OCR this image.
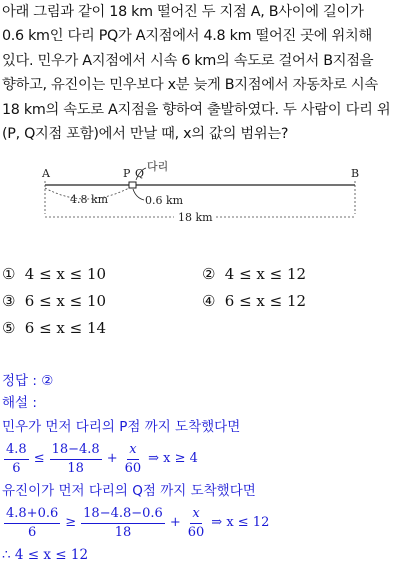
아래 그림과 같이 18 km 떨어진 두 지점 A, B사이에 길이가
0.6 km인 다리 PQ가 A지점에서 4.8 km 떨어진 곳에 위치해
있다. 민우가 A지점에서 시속 6 km의 속도로 걸어서 B지점을
향하고, 유진이는 민우보다 x분 늦게 B지점에서 자동차로 시속
18 km의 속도로 A지점을 향하여 출발하였다. 두 사람이 다리 위
(P, Q지점 포함)에서 만날 때, x의 값의 범위는?
A	P Q	B
다리
4.8 km	0.6 km
18 km
① 4 ≤ x ≤ 10	② 4 ≤ x ≤ 12
③ 6 ≤ x ≤ 10	④ 6 ≤ x ≤ 12
⑤ 6 ≤ x ≤ 14
정답 : ②
해설 :
민우가 먼저 다리의 P점 까지 도착했다면
$\frac{4.8}{6} \le \frac{18-4.8}{18} + \frac{x}{60}$ ⇒ x ≥ 4
유진이가 먼저 다리의 Q점 까지 도착했다면
$\frac{4.8+0.6}{6} \ge \frac{18-4.8-0.6}{18} + \frac{x}{60}$ ⇒ x ≤ 12
∴ 4 ≤ x ≤ 12
